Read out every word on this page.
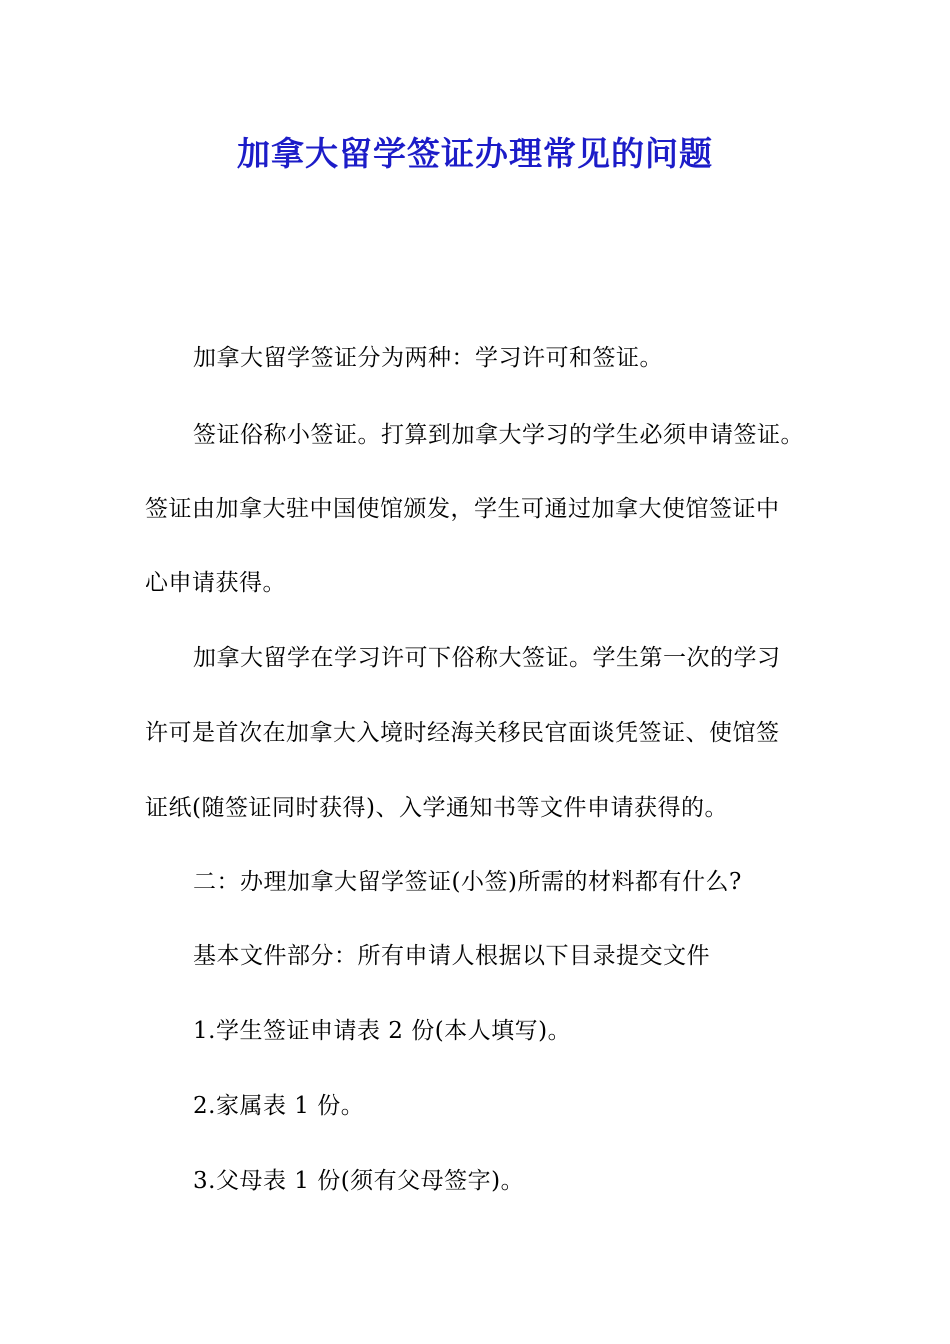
加拿大留学签证办理常见的问题
加拿大留学签证分为两种：学习许可和签证。
签证俗称小签证。打算到加拿大学习的学生必须申请签证。
签证由加拿大驻中国使馆颁发，学生可通过加拿大使馆签证中
心申请获得。
加拿大留学在学习许可下俗称大签证。学生第一次的学习
许可是首次在加拿大入境时经海关移民官面谈凭签证、使馆签
证纸(随签证同时获得)、入学通知书等文件申请获得的。
二：办理加拿大留学签证(小签)所需的材料都有什么?
基本文件部分：所有申请人根据以下目录提交文件
1.学生签证申请表 2 份(本人填写)。
2.家属表 1 份。
3.父母表 1 份(须有父母签字)。
